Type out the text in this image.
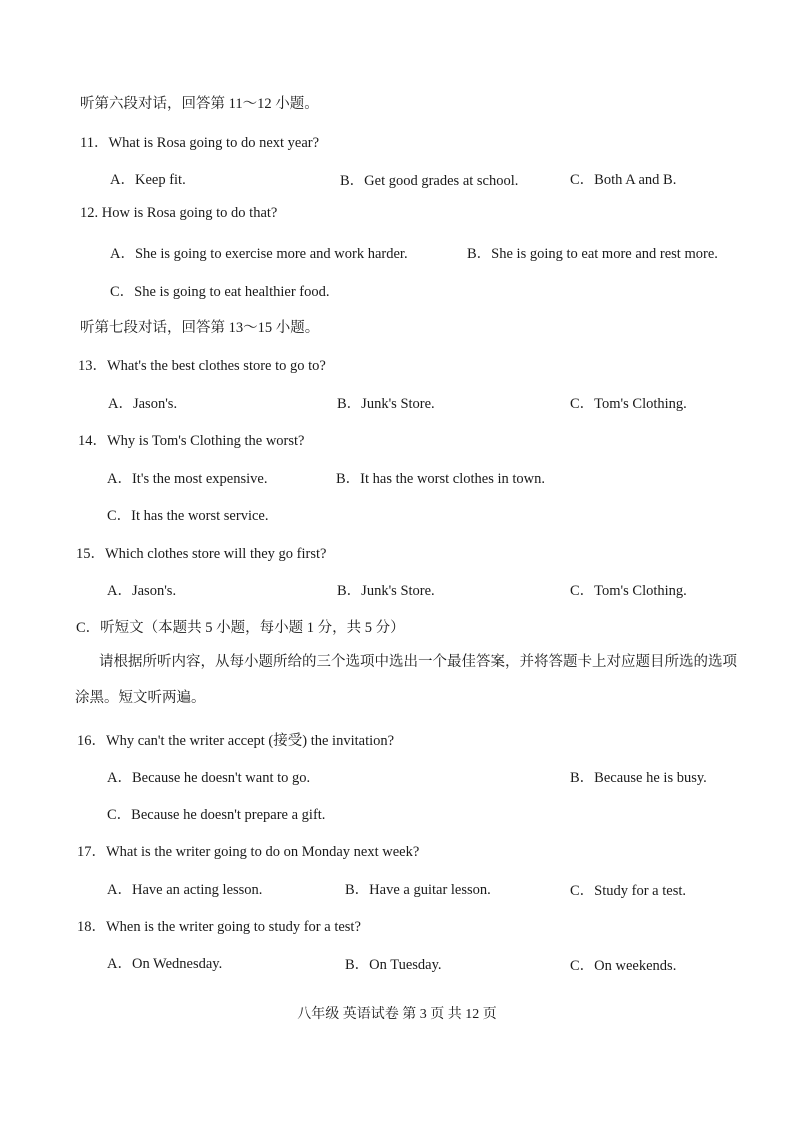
听第六段对话，回答第 11～12 小题。
11．What is Rosa going to do next year?
A．Keep fit.	B．Get good grades at school.	C．Both A and B.
12. How is Rosa going to do that?
A．She is going to exercise more and work harder.	B．She is going to eat more and rest more.
C．She is going to eat healthier food.
听第七段对话，回答第 13～15 小题。
13．What's the best clothes store to go to?
A．Jason's.	B．Junk's Store.	C．Tom's Clothing.
14．Why is Tom's Clothing the worst?
A．It's the most expensive.	B．It has the worst clothes in town.
C．It has the worst service.
15．Which clothes store will they go first?
A．Jason's.	B．Junk's Store.	C．Tom's Clothing.
C．听短文（本题共 5 小题，每小题 1 分，共 5 分）
请根据所听内容，从每小题所给的三个选项中选出一个最佳答案，并将答题卡上对应题目所选的选项涂黑。短文听两遍。
16．Why can't the writer accept (接受) the invitation?
A．Because he doesn't want to go.	B．Because he is busy.
C．Because he doesn't prepare a gift.
17．What is the writer going to do on Monday next week?
A．Have an acting lesson.	B．Have a guitar lesson.	C．Study for a test.
18．When is the writer going to study for a test?
A．On Wednesday.	B．On Tuesday.	C．On weekends.
八年级 英语试卷 第 3 页 共 12 页
